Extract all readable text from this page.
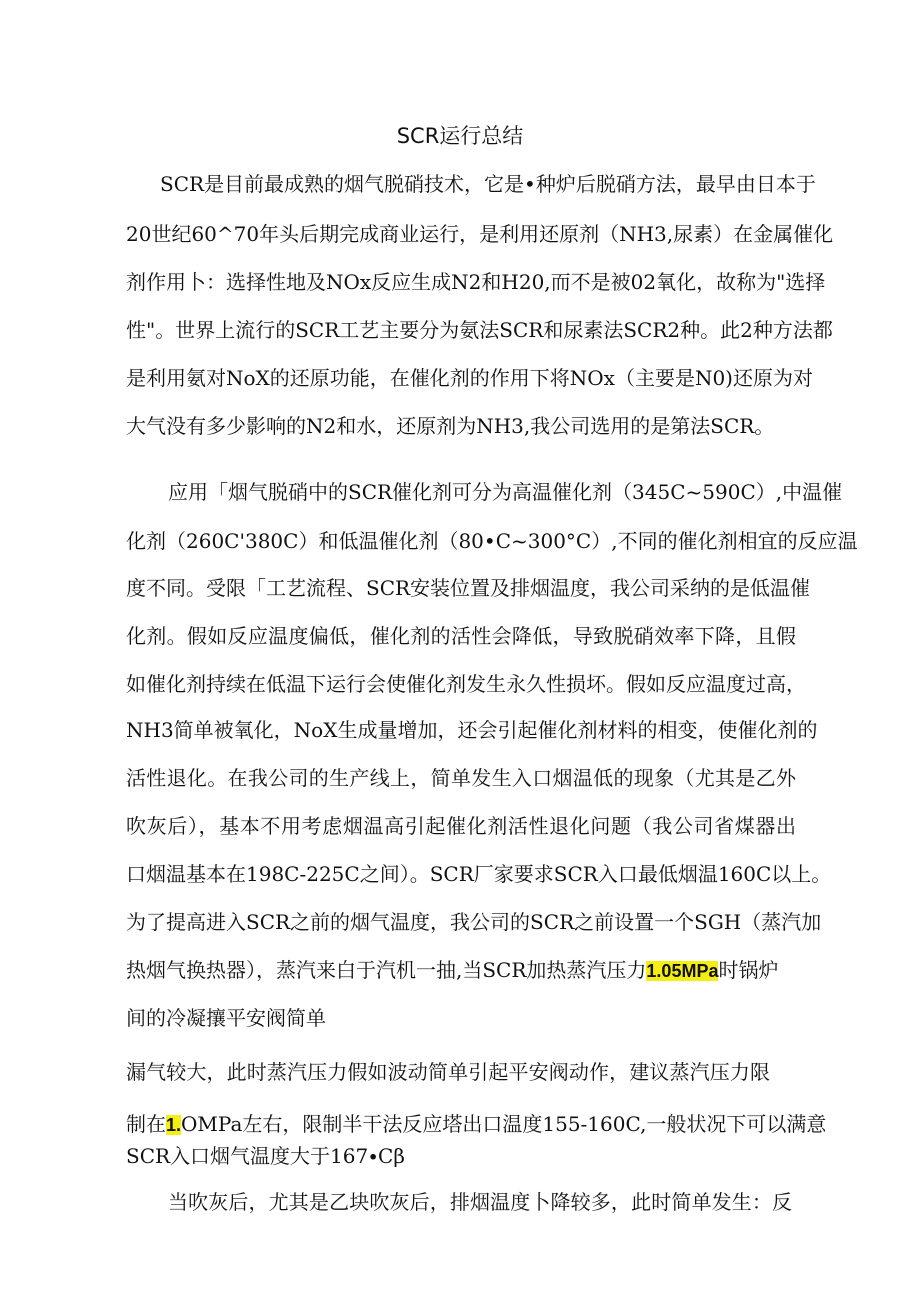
SCR运行总结
SCR是目前最成熟的烟气脱硝技术，它是•种炉后脱硝方法，最早由日本于
20世纪60^70年头后期完成商业运行，是利用还原剂（NH3,尿素）在金属催化
剂作用卜：选择性地及NOx反应生成N2和H20,而不是被02氧化，故称为"选择
性"。世界上流行的SCR工艺主要分为氨法SCR和尿素法SCR2种。此2种方法都
是利用氨对NoX的还原功能，在催化剂的作用下将NOx（主要是N0)还原为对
大气没有多少影响的N2和水，还原剂为NH3,我公司选用的是第法SCR。
应用「烟气脱硝中的SCR催化剂可分为高温催化剂（345C~590C）,中温催
化剂（260C'380C）和低温催化剂（80•C~300°C）,不同的催化剂相宜的反应温
度不同。受限「工艺流程、SCR安装位置及排烟温度，我公司采纳的是低温催
化剂。假如反应温度偏低，催化剂的活性会降低，导致脱硝效率下降，且假
如催化剂持续在低温下运行会使催化剂发生永久性损坏。假如反应温度过高，
NH3简单被氧化，NoX生成量增加，还会引起催化剂材料的相变，使催化剂的
活性退化。在我公司的生产线上，简单发生入口烟温低的现象（尤其是乙外
吹灰后），基本不用考虑烟温高引起催化剂活性退化问题（我公司省煤器出
口烟温基本在198C-225C之间）。SCR厂家要求SCR入口最低烟温160C以上。
为了提高进入SCR之前的烟气温度，我公司的SCR之前设置一个SGH（蒸汽加
热烟气换热器），蒸汽来白于汽机一抽,当SCR加热蒸汽压力1.05MPa时锅炉
间的冷凝攘平安阀简单
漏气较大，此时蒸汽压力假如波动简单引起平安阀动作，建议蒸汽压力限
制在1.OMPa左右，限制半干法反应塔出口温度155-160C,一般状况下可以满意
SCR入口烟气温度大于167∙Cβ
当吹灰后，尤其是乙块吹灰后，排烟温度卜降较多，此时简单发生：反
